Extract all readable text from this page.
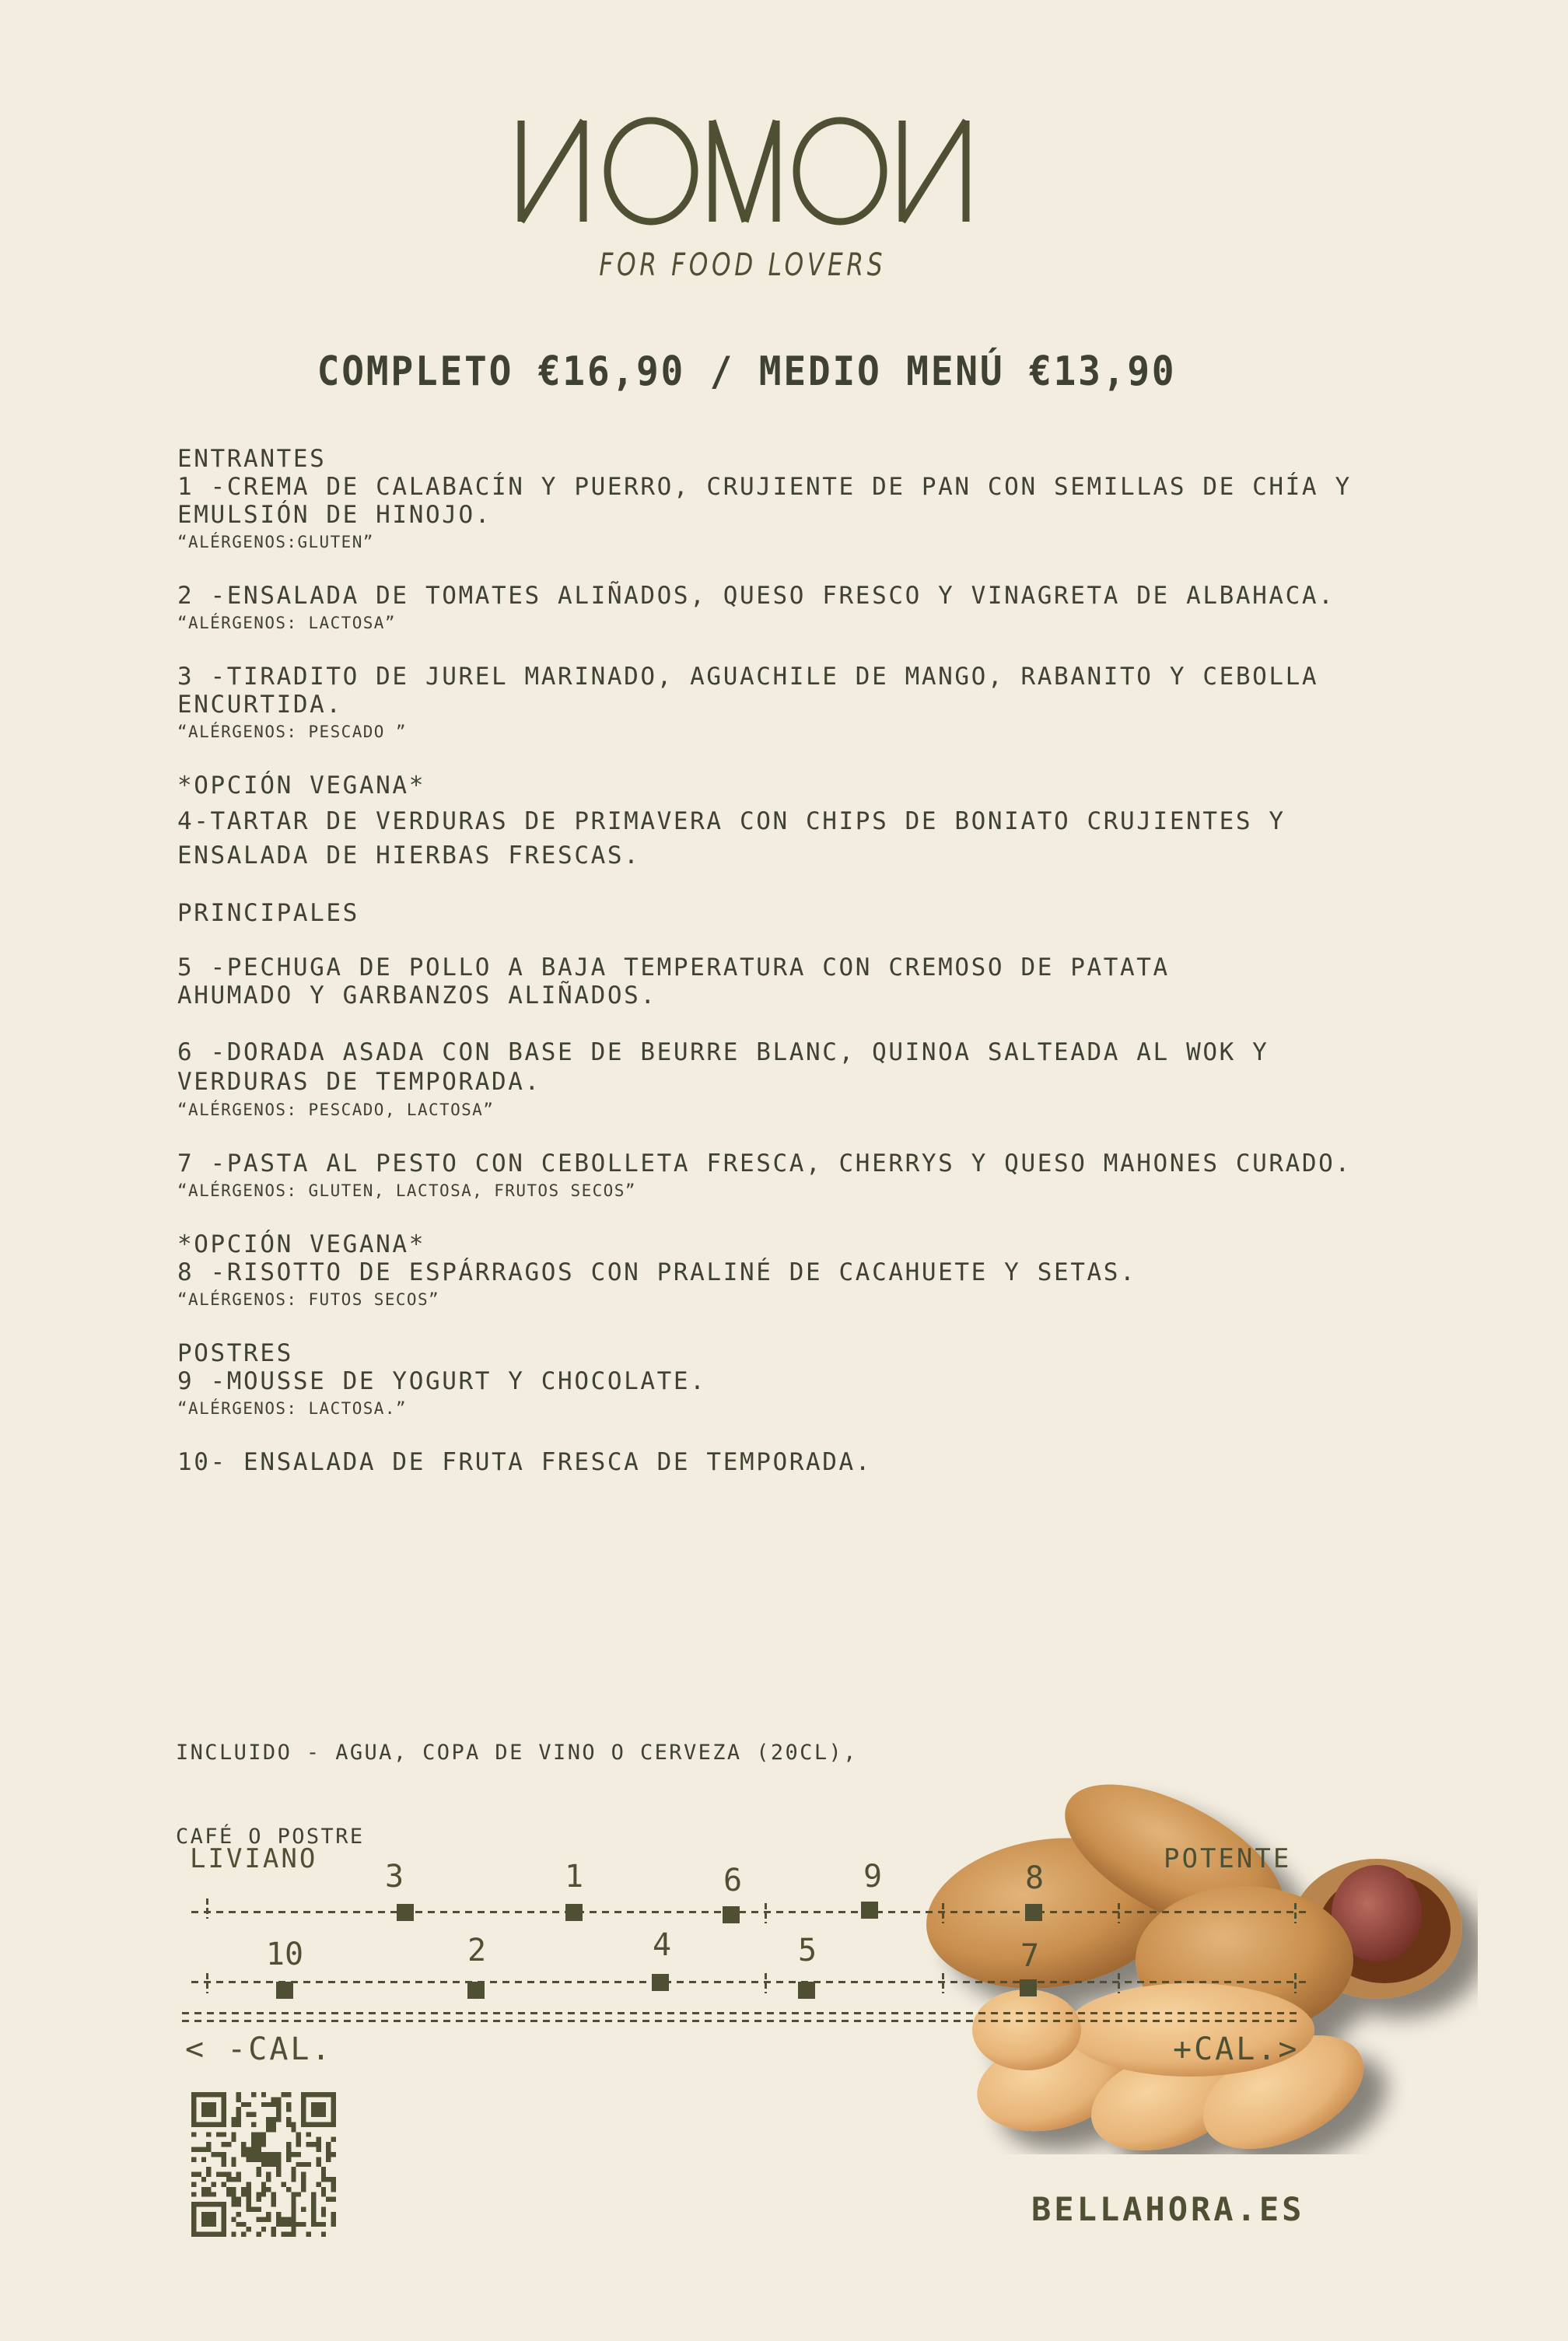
FOR FOOD LOVERS
COMPLETO €16,90 / MEDIO MENÚ €13,90
ENTRANTES
1 -CREMA DE CALABACÍN Y PUERRO, CRUJIENTE DE PAN CON SEMILLAS DE CHÍA Y
EMULSIÓN DE HINOJO.
“ALÉRGENOS:GLUTEN”
2 -ENSALADA DE TOMATES ALIÑADOS, QUESO FRESCO Y VINAGRETA DE ALBAHACA.
“ALÉRGENOS: LACTOSA”
3 -TIRADITO DE JUREL MARINADO, AGUACHILE DE MANGO, RABANITO Y CEBOLLA
ENCURTIDA.
“ALÉRGENOS: PESCADO ”
*OPCIÓN VEGANA*
4-TARTAR DE VERDURAS DE PRIMAVERA CON CHIPS DE BONIATO CRUJIENTES Y
ENSALADA DE HIERBAS FRESCAS.
PRINCIPALES
5 -PECHUGA DE POLLO A BAJA TEMPERATURA CON CREMOSO DE PATATA
AHUMADO Y GARBANZOS ALIÑADOS.
6 -DORADA ASADA CON BASE DE BEURRE BLANC, QUINOA SALTEADA AL WOK Y
VERDURAS DE TEMPORADA.
“ALÉRGENOS: PESCADO, LACTOSA”
7 -PASTA AL PESTO CON CEBOLLETA FRESCA, CHERRYS Y QUESO MAHONES CURADO.
“ALÉRGENOS: GLUTEN, LACTOSA, FRUTOS SECOS”
*OPCIÓN VEGANA*
8 -RISOTTO DE ESPÁRRAGOS CON PRALINÉ DE CACAHUETE Y SETAS.
“ALÉRGENOS: FUTOS SECOS”
POSTRES
9 -MOUSSE DE YOGURT Y CHOCOLATE.
“ALÉRGENOS: LACTOSA.”
10- ENSALADA DE FRUTA FRESCA DE TEMPORADA.

INCLUIDO - AGUA, COPA DE VINO O CERVEZA (20CL),

CAFÉ O POSTRE

LIVIANO	POTENTE
3	1	6	9	8
10	2	4	5	7
< -CAL.	+CAL.>
BELLAHORA.ES
